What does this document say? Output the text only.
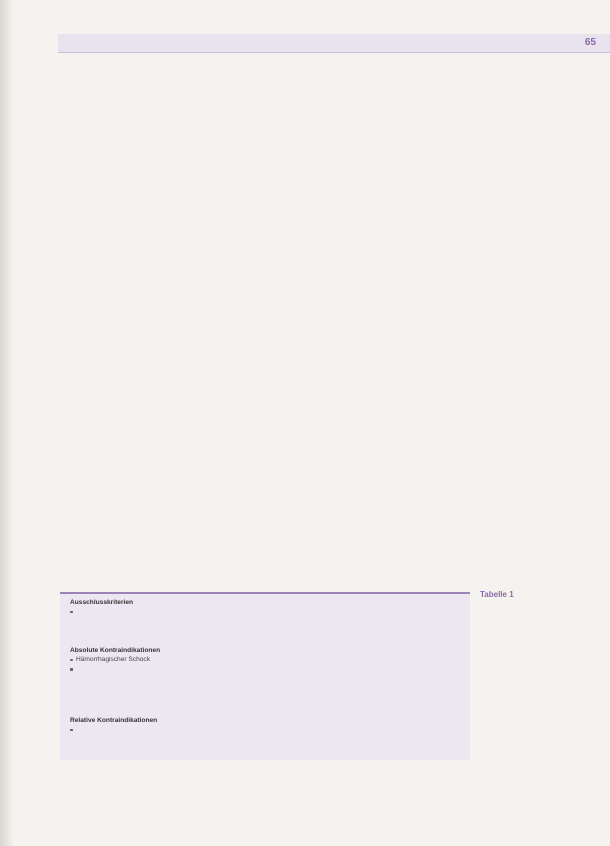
65

Ausschlusskriterien
Absolute Kontraindikationen
Hämorrhagischer Schock
Relative Kontraindikationen
Tabelle 1
